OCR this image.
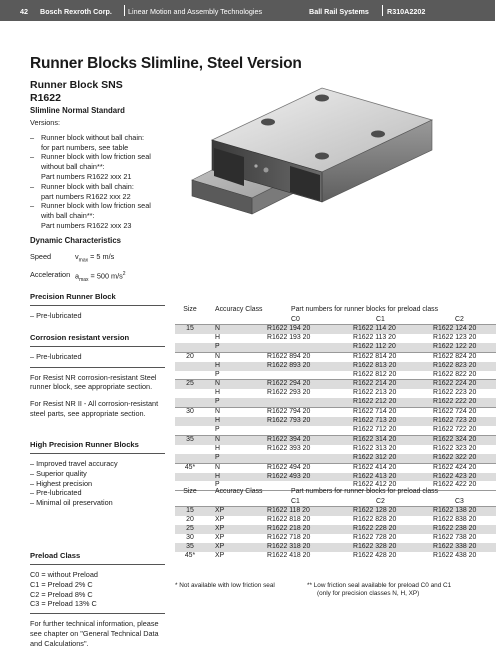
42 Bosch Rexroth Corp. Linear Motion and Assembly Technologies	Ball Rail Systems	R310A2202
Runner Blocks Slimline, Steel Version
Runner Block SNS
R1622
Slimline Normal Standard
Versions:
– Runner block without ball chain:
for part numbers, see table
– Runner block with low friction seal
without ball chain**:
Part numbers R1622 xxx 21
– Runner block with ball chain:
part numbers R1622 xxx 22
– Runner block with low friction seal
with ball chain**:
Part numbers R1622 xxx 23
Dynamic Characteristics
Speed	$v_{max} = 5$ m/s
Acceleration $a_{max} = 500$ $m/s^2$
Precision Runner Block
– Pre-lubricated
Corrosion resistant version
– Pre-lubricated
For Resist NR corrosion-resistant Steel
runner block, see appropriate section.
For Resist NR II - All corrosion-resistant
steel parts, see appropriate section.
High Precision Runner Blocks
– Improved travel accuracy
– Superior quality
– Highest precision
– Pre-lubricated
– Minimal oil preservation
Preload Class
C0 = without Preload
C1 = Preload 2% C
C2 = Preload 8% C
C3 = Preload 13% C
For further technical information, please
see chapter on "General Technical Data
and Calculations".
Size	Accuracy Class	Part numbers for runner blocks for preload class		
		C0	C1	C2
15	N	R1622 194 20	R1622 114 20	R1622 124 20
	H	R1622 193 20	R1622 113 20	R1622 123 20
	P		R1622 112 20	R1622 122 20
20	N	R1622 894 20	R1622 814 20	R1622 824 20
	H	R1622 893 20	R1622 813 20	R1622 823 20
	P		R1622 812 20	R1622 822 20
25	N	R1622 294 20	R1622 214 20	R1622 224 20
	H	R1622 293 20	R1622 213 20	R1622 223 20
	P		R1622 212 20	R1622 222 20
30	N	R1622 794 20	R1622 714 20	R1622 724 20
	H	R1622 793 20	R1622 713 20	R1622 723 20
	P		R1622 712 20	R1622 722 20
35	N	R1622 394 20	R1622 314 20	R1622 324 20
	H	R1622 393 20	R1622 313 20	R1622 323 20
	P		R1622 312 20	R1622 322 20
45*	N	R1622 494 20	R1622 414 20	R1622 424 20
	H	R1622 493 20	R1622 413 20	R1622 423 20
	P		R1622 412 20	R1622 422 20
Size	Accuracy Class	Part numbers for runner blocks for preload class		
		C1	C2	C3
15	XP	R1622 118 20	R1622 128 20	R1622 138 20
20	XP	R1622 818 20	R1622 828 20	R1622 838 20
25	XP	R1622 218 20	R1622 228 20	R1622 238 20
30	XP	R1622 718 20	R1622 728 20	R1622 738 20
35	XP	R1622 318 20	R1622 328 20	R1622 338 20
45*	XP	R1622 418 20	R1622 428 20	R1622 438 20
* Not available with low friction seal	** Low friction seal available for preload C0 and C1
(only for precision classes N, H, XP)
